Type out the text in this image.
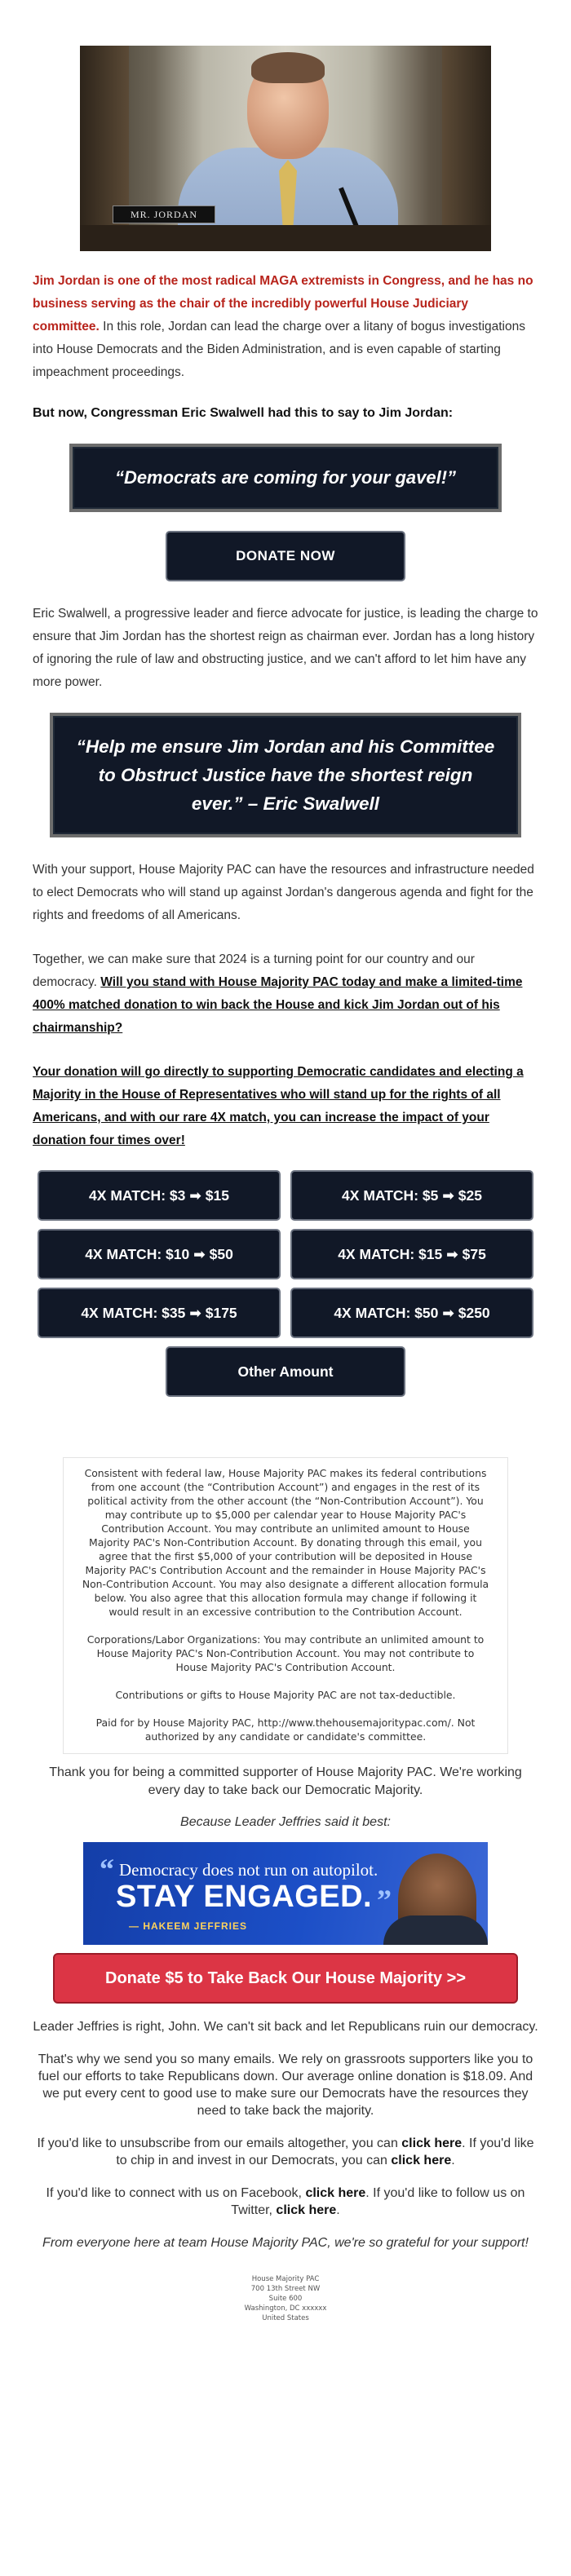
MR. JORDAN

Jim Jordan is one of the most radical MAGA extremists in Congress, and he has no business serving as the chair of the incredibly powerful House Judiciary committee. In this role, Jordan can lead the charge over a litany of bogus investigations into House Democrats and the Biden Administration, and is even capable of starting impeachment proceedings.

But now, Congressman Eric Swalwell had this to say to Jim Jordan:

“Democrats are coming for your gavel!”
DONATE NOW

Eric Swalwell, a progressive leader and fierce advocate for justice, is leading the charge to ensure that Jim Jordan has the shortest reign as chairman ever. Jordan has a long history of ignoring the rule of law and obstructing justice, and we can't afford to let him have any more power.

“Help me ensure Jim Jordan and his Committee to Obstruct Justice have the shortest reign ever.” – Eric Swalwell

With your support, House Majority PAC can have the resources and infrastructure needed to elect Democrats who will stand up against Jordan's dangerous agenda and fight for the rights and freedoms of all Americans.

Together, we can make sure that 2024 is a turning point for our country and our democracy. Will you stand with House Majority PAC today and make a limited-time 400% matched donation to win back the House and kick Jim Jordan out of his chairmanship?

Your donation will go directly to supporting Democratic candidates and electing a Majority in the House of Representatives who will stand up for the rights of all Americans, and with our rare 4X match, you can increase the impact of your donation four times over!

4X MATCH: $3 ➡ $15	4X MATCH: $5 ➡ $25
4X MATCH: $10 ➡ $50	4X MATCH: $15 ➡ $75
4X MATCH: $35 ➡ $175	4X MATCH: $50 ➡ $250
Other Amount
Consistent with federal law, House Majority PAC makes its federal contributions from one account (the “Contribution Account”) and engages in the rest of its political activity from the other account (the “Non-Contribution Account”). You may contribute up to $5,000 per calendar year to House Majority PAC's Contribution Account. You may contribute an unlimited amount to House Majority PAC's Non-Contribution Account. By donating through this email, you agree that the first $5,000 of your contribution will be deposited in House Majority PAC's Contribution Account and the remainder in House Majority PAC's Non-Contribution Account. You may also designate a different allocation formula below. You also agree that this allocation formula may change if following it would result in an excessive contribution to the Contribution Account.
Corporations/Labor Organizations: You may contribute an unlimited amount to House Majority PAC's Non-Contribution Account. You may not contribute to House Majority PAC's Contribution Account.
Contributions or gifts to House Majority PAC are not tax-deductible.
Paid for by House Majority PAC, http://www.thehousemajoritypac.com/. Not authorized by any candidate or candidate's committee.

Thank you for being a committed supporter of House Majority PAC. We're working every day to take back our Democratic Majority.

Because Leader Jeffries said it best:

“ Democracy does not run on autopilot.
STAY ENGAGED. ”
— HAKEEM JEFFRIES
Donate $5 to Take Back Our House Majority >>

Leader Jeffries is right, John. We can't sit back and let Republicans ruin our democracy.

That's why we send you so many emails. We rely on grassroots supporters like you to fuel our efforts to take Republicans down. Our average online donation is $18.09. And we put every cent to good use to make sure our Democrats have the resources they need to take back the majority.

If you'd like to unsubscribe from our emails altogether, you can click here. If you'd like to chip in and invest in our Democrats, you can click here.

If you'd like to connect with us on Facebook, click here. If you'd like to follow us on Twitter, click here.

From everyone here at team House Majority PAC, we're so grateful for your support!

House Majority PAC
700 13th Street NW
Suite 600
Washington, DC xxxxxx
United States
